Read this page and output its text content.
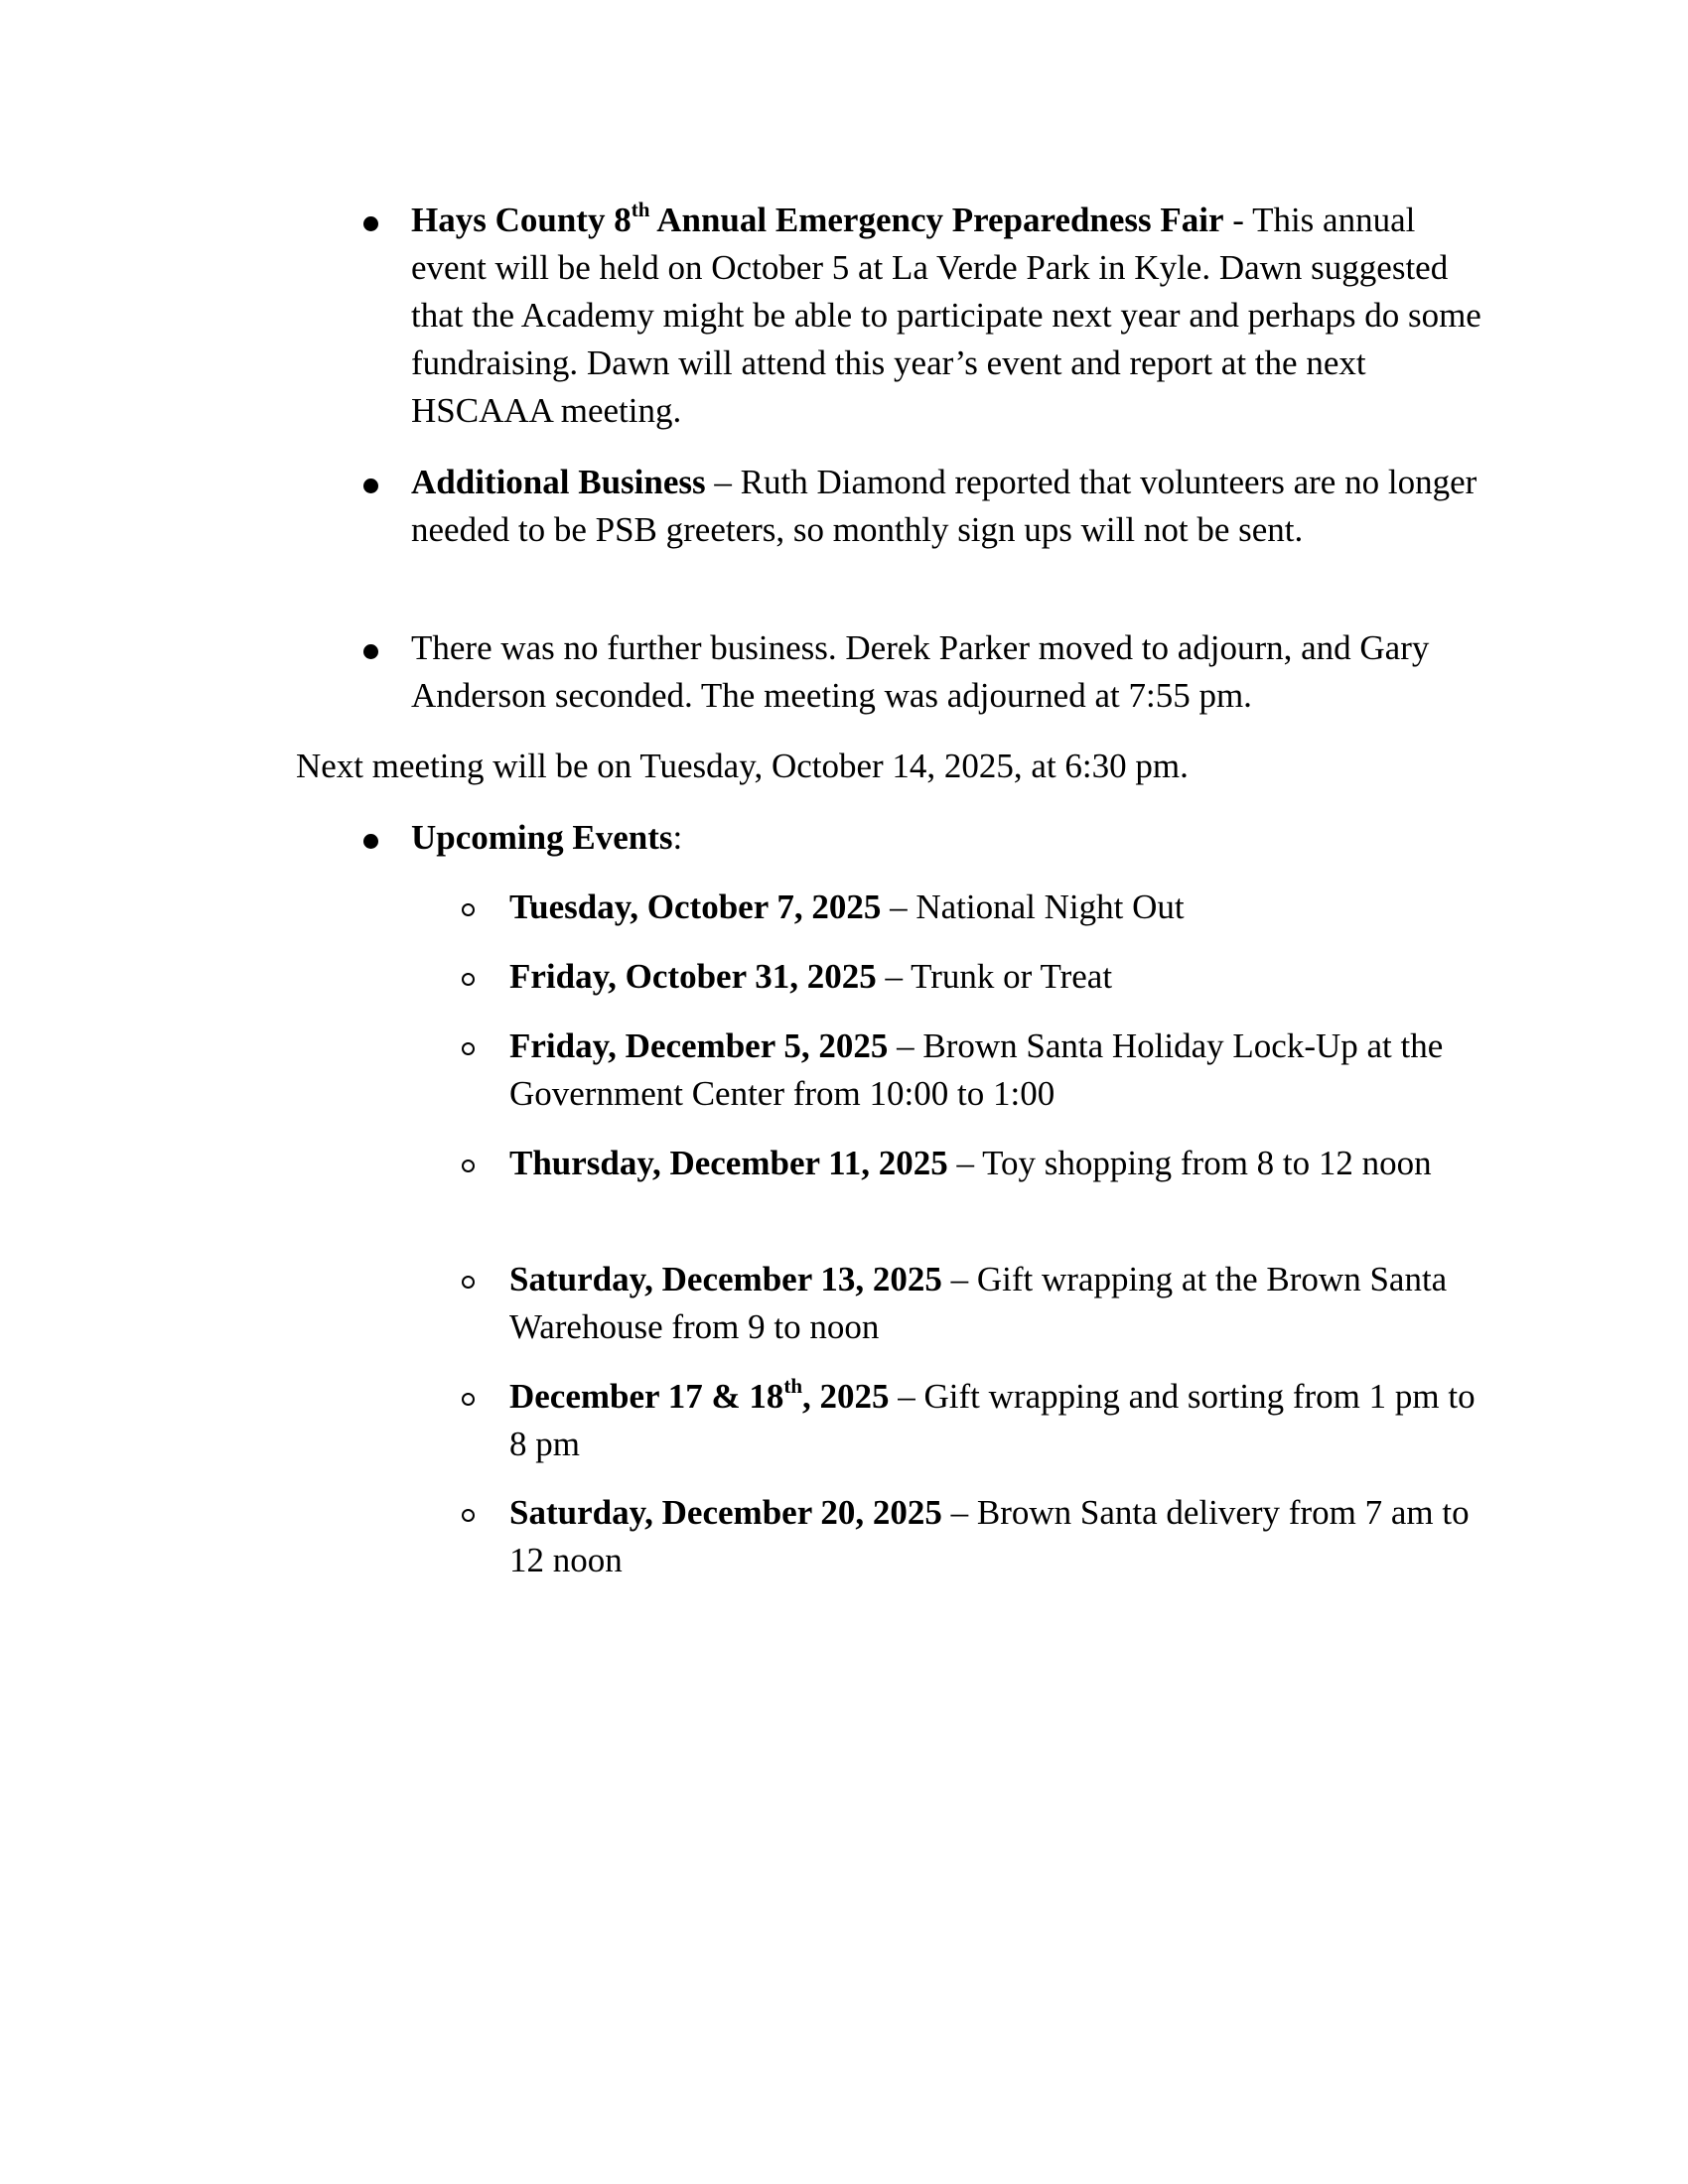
Hays County 8th Annual Emergency Preparedness Fair - This annual event will be held on October 5 at La Verde Park in Kyle. Dawn suggested that the Academy might be able to participate next year and perhaps do some fundraising. Dawn will attend this year’s event and report at the next HSCAAA meeting.
Additional Business – Ruth Diamond reported that volunteers are no longer needed to be PSB greeters, so monthly sign ups will not be sent.
There was no further business. Derek Parker moved to adjourn, and Gary Anderson seconded. The meeting was adjourned at 7:55 pm.
Next meeting will be on Tuesday, October 14, 2025, at 6:30 pm.
Upcoming Events:
Tuesday, October 7, 2025 – National Night Out
Friday, October 31, 2025 – Trunk or Treat
Friday, December 5, 2025 – Brown Santa Holiday Lock-Up at the Government Center from 10:00 to 1:00
Thursday, December 11, 2025 – Toy shopping from 8 to 12 noon
Saturday, December 13, 2025 – Gift wrapping at the Brown Santa Warehouse from 9 to noon
December 17 & 18th, 2025 – Gift wrapping and sorting from 1 pm to 8 pm
Saturday, December 20, 2025 – Brown Santa delivery from 7 am to 12 noon
